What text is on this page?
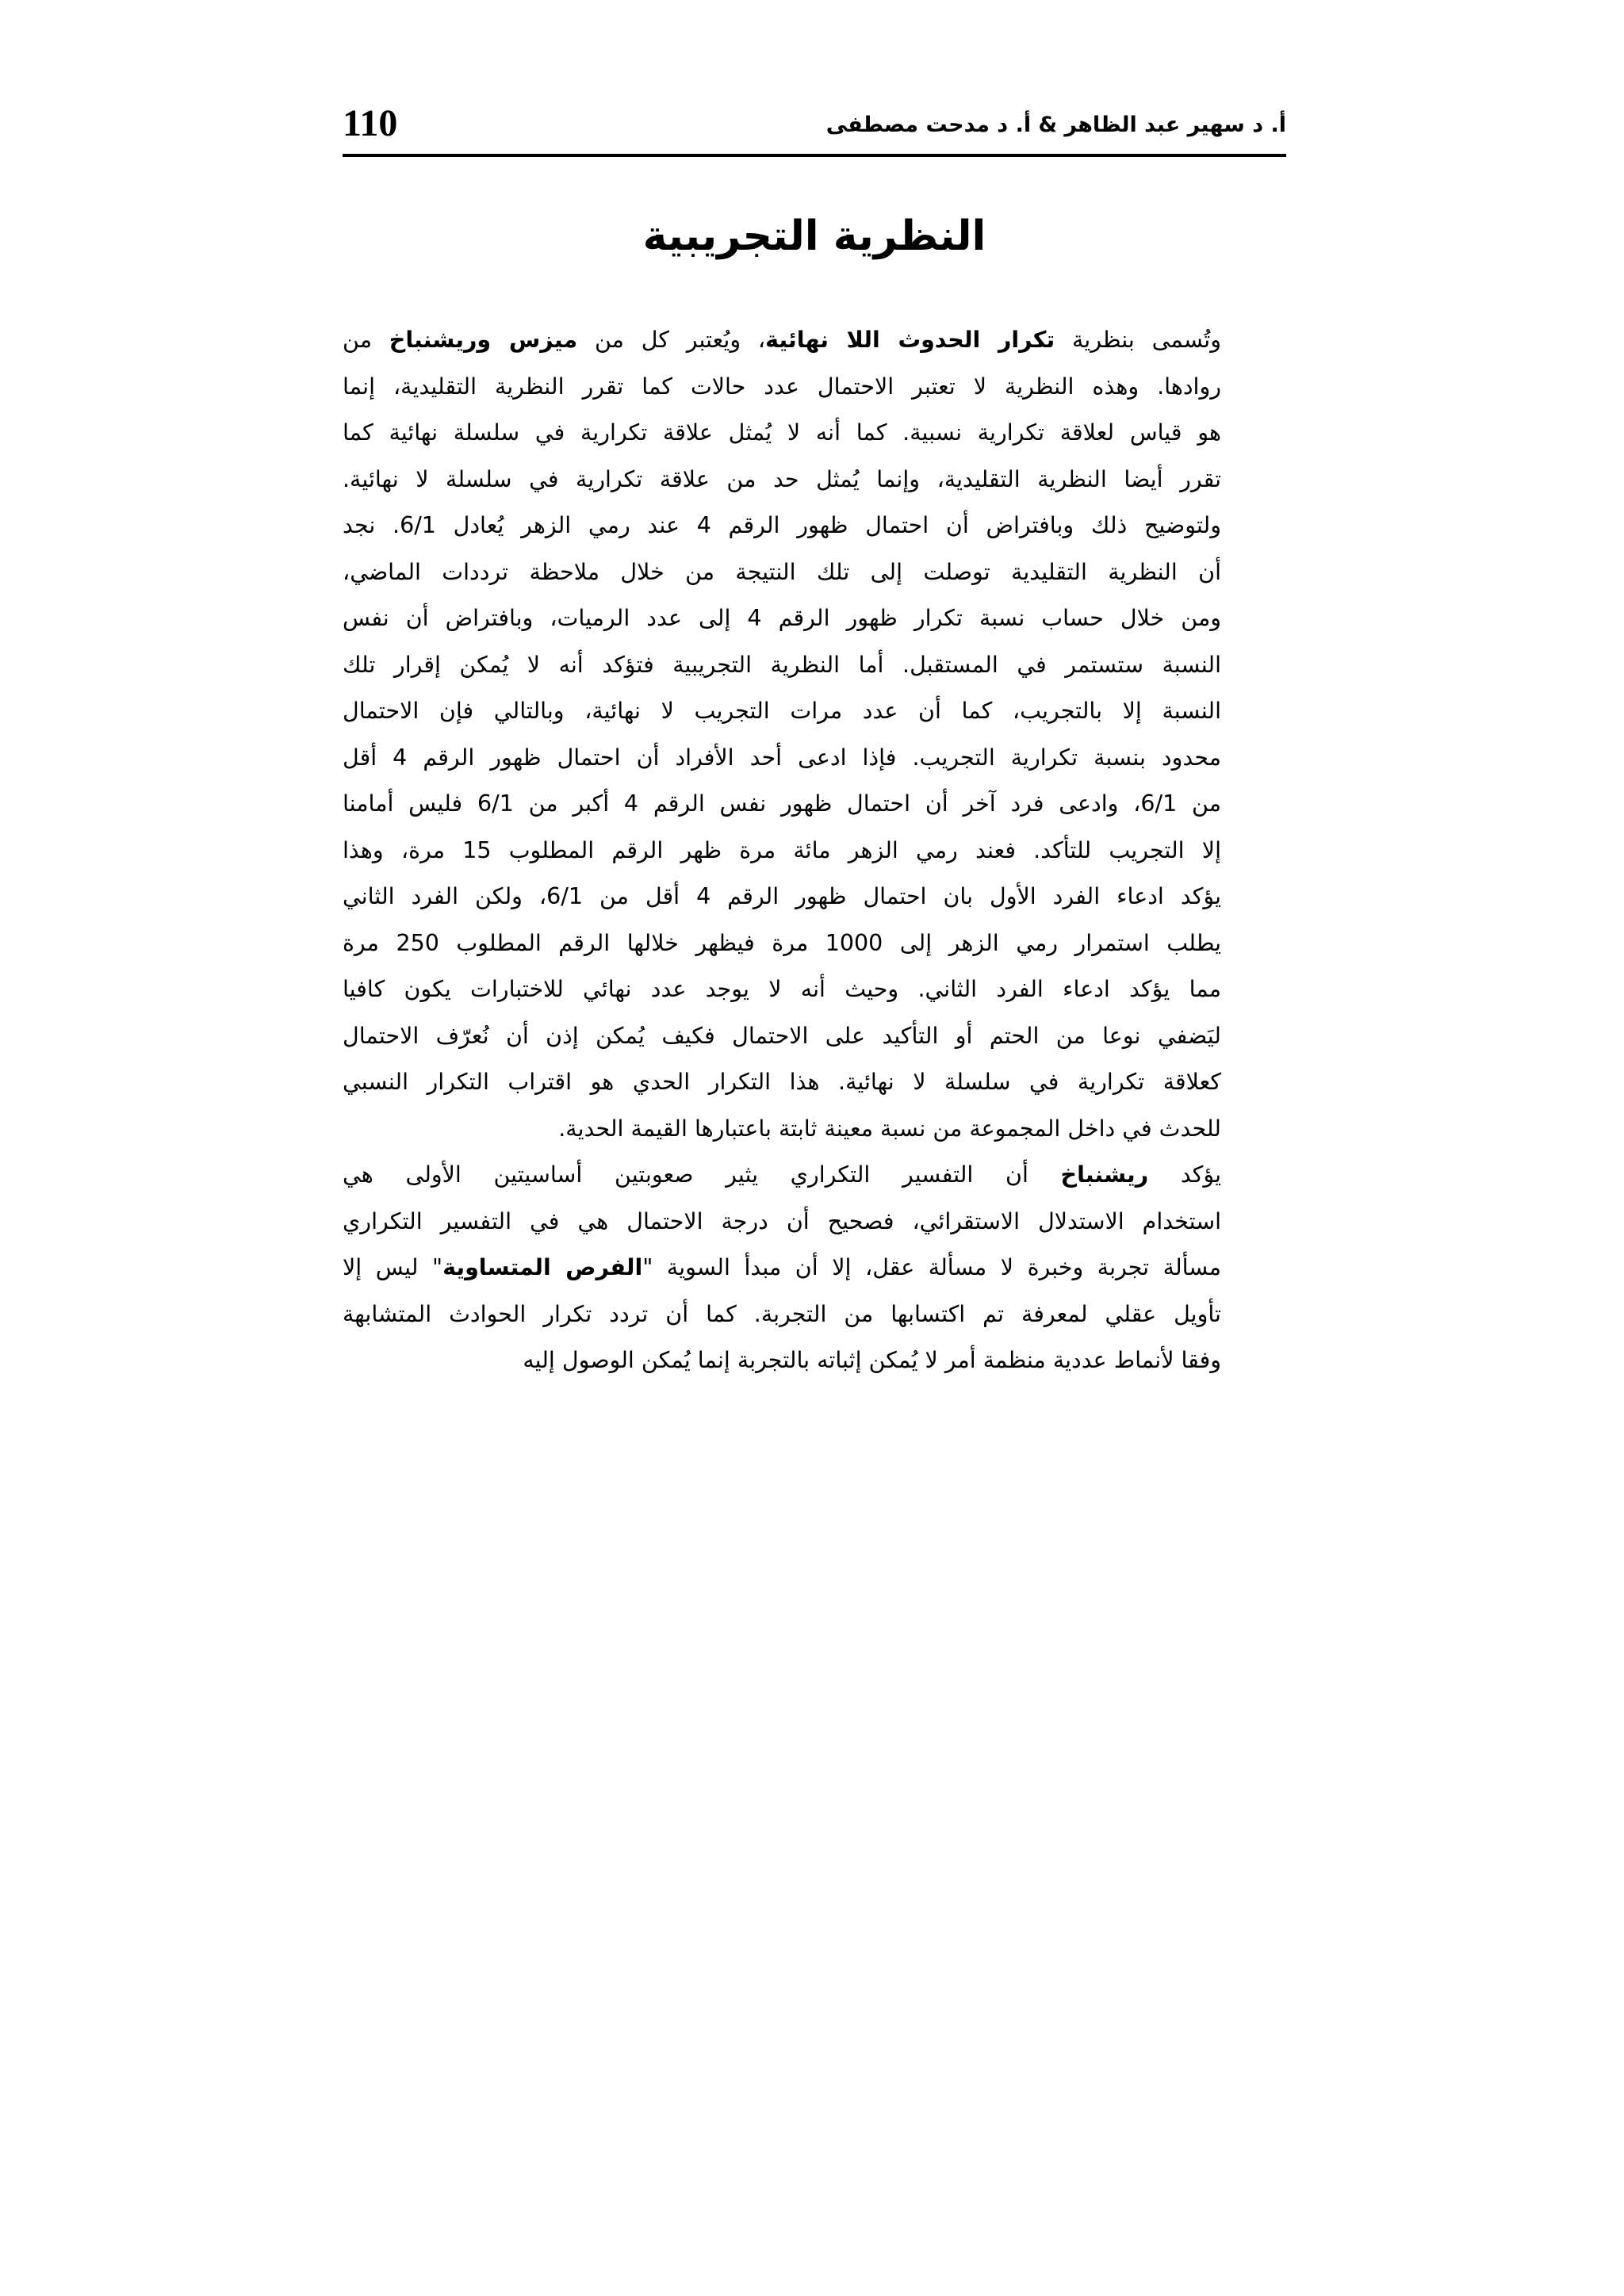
110	أ. د سهير عبد الظاهر & أ. د مدحت مصطفى
النظرية التجريبية

وتُسمى بنظرية تكرار الحدوث اللا نهائية، ويُعتبر كل من ميزس وريشنباخ من
روادها. وهذه النظرية لا تعتبر الاحتمال عدد حالات كما تقرر النظرية التقليدية، إنما
هو قياس لعلاقة تكرارية نسبية. كما أنه لا يُمثل علاقة تكرارية في سلسلة نهائية كما
تقرر أيضا النظرية التقليدية، وإنما يُمثل حد من علاقة تكرارية في سلسلة لا نهائية.
ولتوضيح ذلك وبافتراض أن احتمال ظهور الرقم 4 عند رمي الزهر يُعادل 6/1. نجد
أن النظرية التقليدية توصلت إلى تلك النتيجة من خلال ملاحظة ترددات الماضي،
ومن خلال حساب نسبة تكرار ظهور الرقم 4 إلى عدد الرميات، وبافتراض أن نفس
النسبة ستستمر في المستقبل. أما النظرية التجريبية فتؤكد أنه لا يُمكن إقرار تلك
النسبة إلا بالتجريب، كما أن عدد مرات التجريب لا نهائية، وبالتالي فإن الاحتمال
محدود بنسبة تكرارية التجريب. فإذا ادعى أحد الأفراد أن احتمال ظهور الرقم 4 أقل
من 6/1، وادعى فرد آخر أن احتمال ظهور نفس الرقم 4 أكبر من 6/1 فليس أمامنا
إلا التجريب للتأكد. فعند رمي الزهر مائة مرة ظهر الرقم المطلوب 15 مرة، وهذا
يؤكد ادعاء الفرد الأول بان احتمال ظهور الرقم 4 أقل من 6/1، ولكن الفرد الثاني
يطلب استمرار رمي الزهر إلى 1000 مرة فيظهر خلالها الرقم المطلوب 250 مرة
مما يؤكد ادعاء الفرد الثاني. وحيث أنه لا يوجد عدد نهائي للاختبارات يكون كافيا
ليَضفي نوعا من الحتم أو التأكيد على الاحتمال فكيف يُمكن إذن أن نُعرّف الاحتمال
كعلاقة تكرارية في سلسلة لا نهائية. هذا التكرار الحدي هو اقتراب التكرار النسبي
للحدث في داخل المجموعة من نسبة معينة ثابتة باعتبارها القيمة الحدية.

يؤكد ريشنباخ أن التفسير التكراري يثير صعوبتين أساسيتين الأولى هي
استخدام الاستدلال الاستقرائي، فصحيح أن درجة الاحتمال هي في التفسير التكراري
مسألة تجربة وخبرة لا مسألة عقل، إلا أن مبدأ السوية "الفرص المتساوية" ليس إلا
تأويل عقلي لمعرفة تم اكتسابها من التجربة. كما أن تردد تكرار الحوادث المتشابهة
وفقا لأنماط عددية منظمة أمر لا يُمكن إثباته بالتجربة إنما يُمكن الوصول إليه
